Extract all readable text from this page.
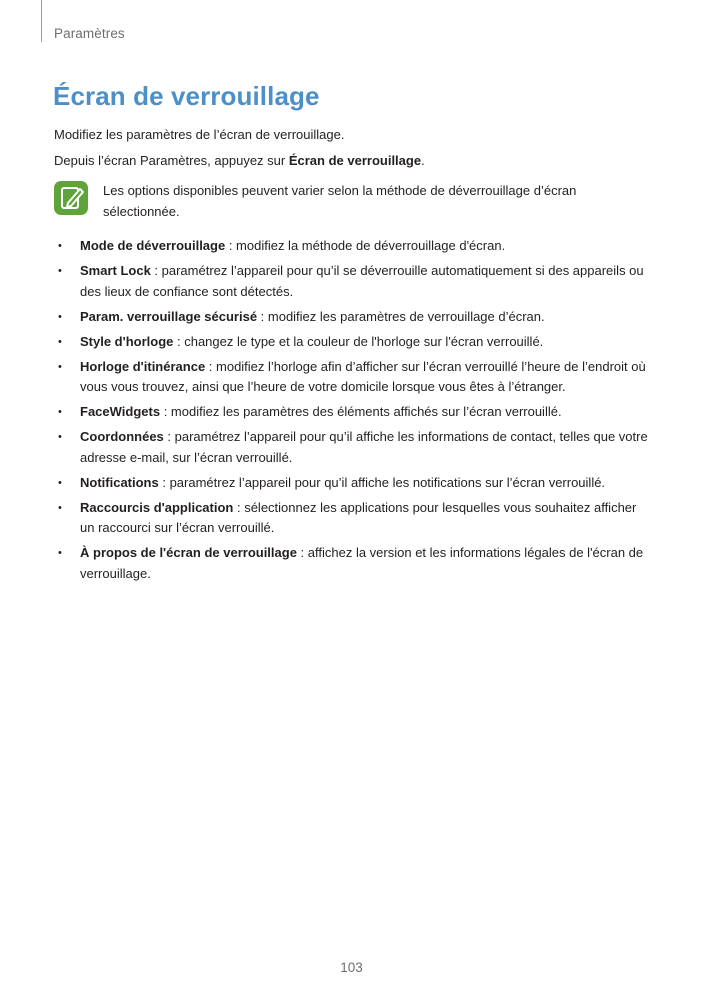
Paramètres
Écran de verrouillage

Modifiez les paramètres de l’écran de verrouillage.

Depuis l’écran Paramètres, appuyez sur Écran de verrouillage.

Les options disponibles peuvent varier selon la méthode de déverrouillage d’écran sélectionnée.

• Mode de déverrouillage : modifiez la méthode de déverrouillage d'écran.
• Smart Lock : paramétrez l’appareil pour qu’il se déverrouille automatiquement si des appareils ou des lieux de confiance sont détectés.
• Param. verrouillage sécurisé : modifiez les paramètres de verrouillage d’écran.
• Style d'horloge : changez le type et la couleur de l'horloge sur l'écran verrouillé.
• Horloge d'itinérance : modifiez l’horloge afin d’afficher sur l’écran verrouillé l’heure de l’endroit où vous vous trouvez, ainsi que l’heure de votre domicile lorsque vous êtes à l’étranger.
• FaceWidgets : modifiez les paramètres des éléments affichés sur l’écran verrouillé.
• Coordonnées : paramétrez l’appareil pour qu’il affiche les informations de contact, telles que votre adresse e-mail, sur l’écran verrouillé.
• Notifications : paramétrez l’appareil pour qu’il affiche les notifications sur l’écran verrouillé.
• Raccourcis d'application : sélectionnez les applications pour lesquelles vous souhaitez afficher un raccourci sur l’écran verrouillé.
• À propos de l'écran de verrouillage : affichez la version et les informations légales de l'écran de verrouillage.
103
